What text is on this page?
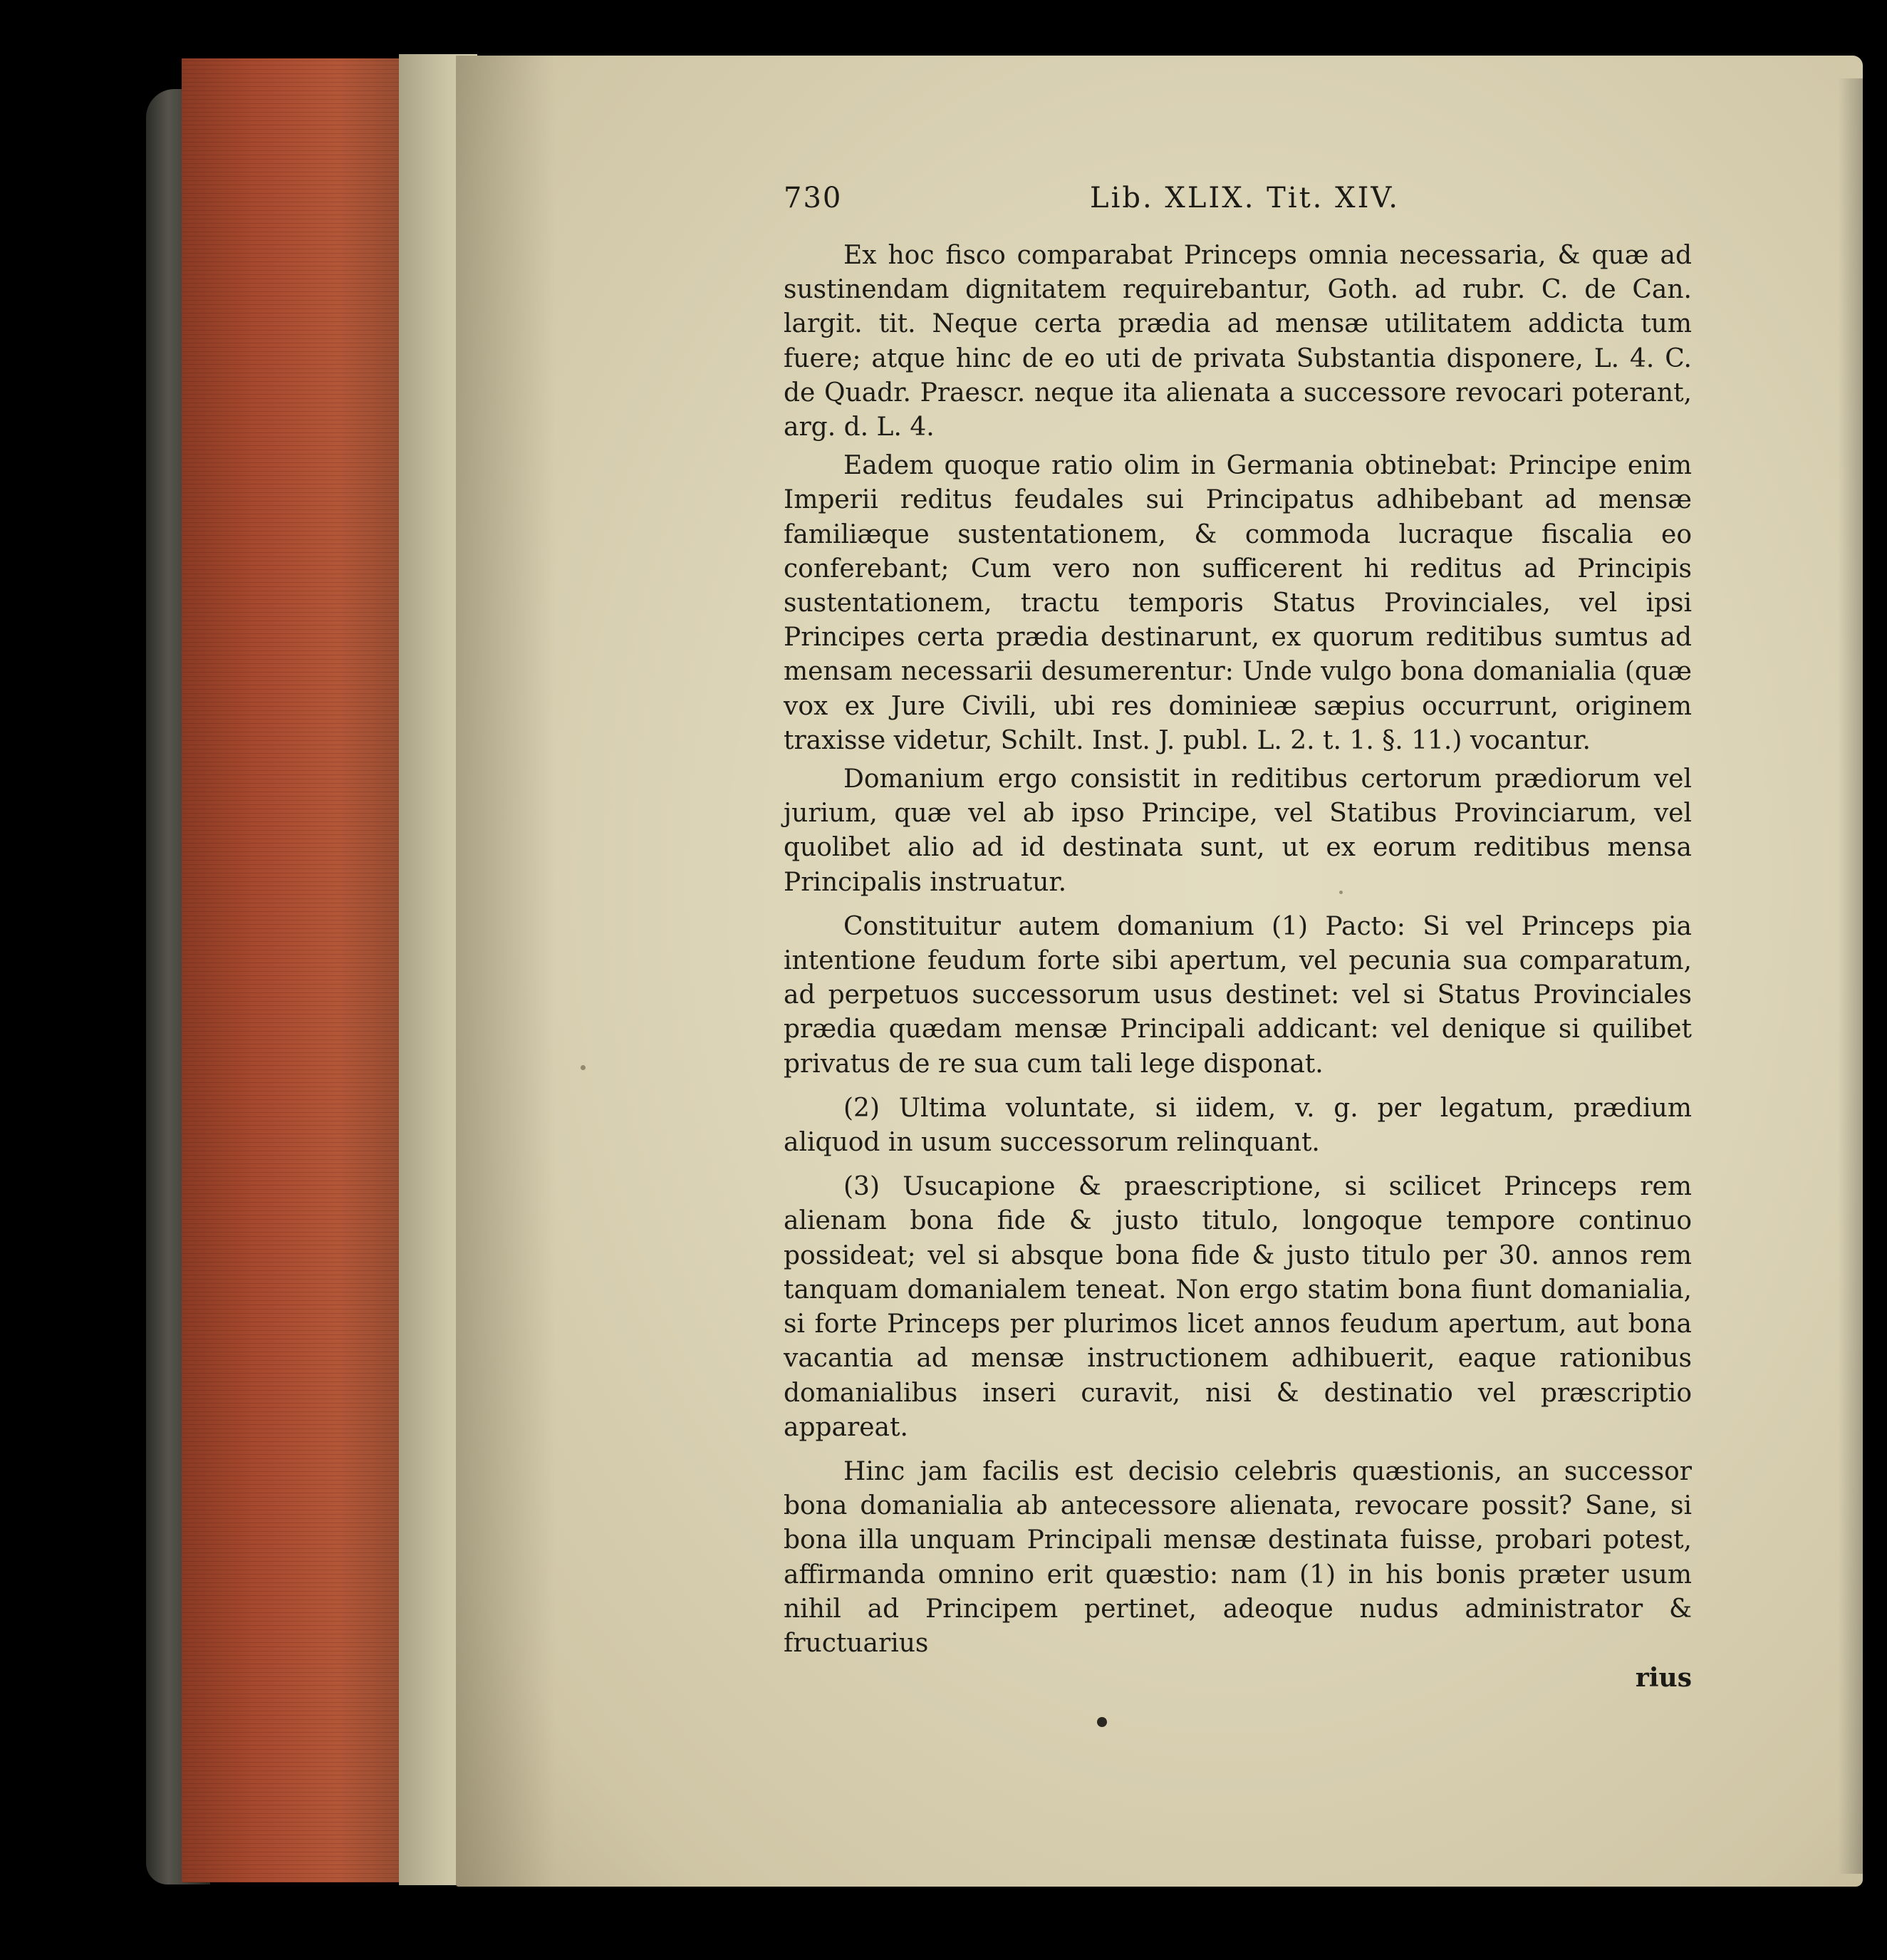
730	Lib. XLIX. Tit. XIV.

Ex hoc fisco comparabat Princeps omnia necessaria, & quæ ad sustinendam dignitatem requirebantur, Goth. ad rubr. C. de Can. largit. tit. Neque certa prædia ad mensæ utilitatem addicta tum fuere; atque hinc de eo uti de privata Substantia disponere, L. 4. C. de Quadr. Praescr. neque ita alienata a successore revocari poterant, arg. d. L. 4.

Eadem quoque ratio olim in Germania obtinebat: Principe enim Imperii reditus feudales sui Principatus adhibebant ad mensæ familiæque sustentationem, & commoda lucraque fiscalia eo conferebant; Cum vero non sufficerent hi reditus ad Principis sustentationem, tractu temporis Status Provinciales, vel ipsi Principes certa prædia destinarunt, ex quorum reditibus sumtus ad mensam necessarii desumerentur: Unde vulgo bona domanialia (quæ vox ex Jure Civili, ubi res dominieæ sæpius occurrunt, originem traxisse videtur, Schilt. Inst. J. publ. L. 2. t. 1. §. 11.) vocantur.

Domanium ergo consistit in reditibus certorum prædiorum vel jurium, quæ vel ab ipso Principe, vel Statibus Provinciarum, vel quolibet alio ad id destinata sunt, ut ex eorum reditibus mensa Principalis instruatur.

Constituitur autem domanium (1) Pacto: Si vel Princeps pia intentione feudum forte sibi apertum, vel pecunia sua comparatum, ad perpetuos successorum usus destinet: vel si Status Provinciales prædia quædam mensæ Principali addicant: vel denique si quilibet privatus de re sua cum tali lege disponat.

(2) Ultima voluntate, si iidem, v. g. per legatum, prædium aliquod in usum successorum relinquant.

(3) Usucapione & praescriptione, si scilicet Princeps rem alienam bona fide & justo titulo, longoque tempore continuo possideat; vel si absque bona fide & justo titulo per 30. annos rem tanquam domanialem teneat. Non ergo statim bona fiunt domanialia, si forte Princeps per plurimos licet annos feudum apertum, aut bona vacantia ad mensæ instructionem adhibuerit, eaque rationibus domanialibus inseri curavit, nisi & destinatio vel præscriptio appareat.

Hinc jam facilis est decisio celebris quæstionis, an successor bona domanialia ab antecessore alienata, revocare possit? Sane, si bona illa unquam Principali mensæ destinata fuisse, probari potest, affirmanda omnino erit quæstio: nam (1) in his bonis præter usum nihil ad Principem pertinet, adeoque nudus administrator & fructuarius

rius
